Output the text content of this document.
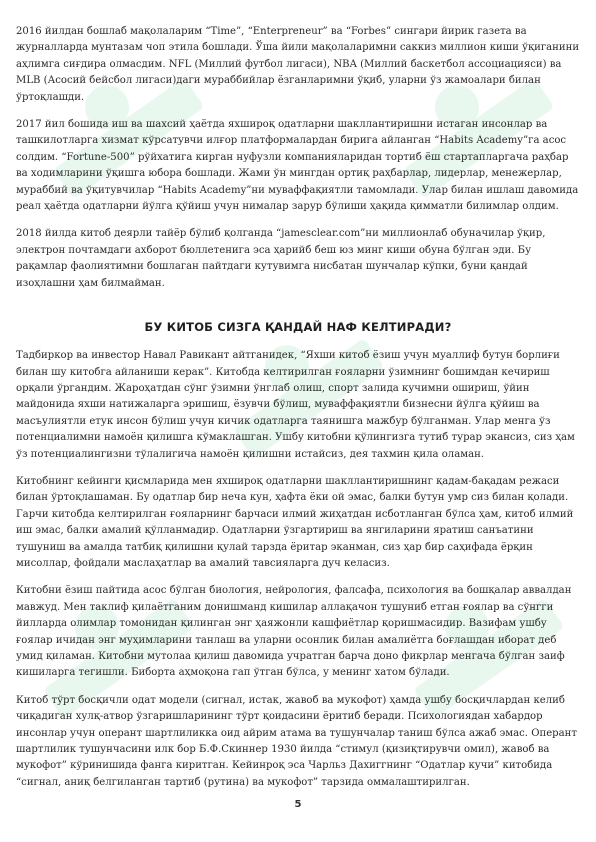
2016 йилдан бошлаб мақолаларим “Time”, “Enterpreneur” ва “Forbes” сингари йирик газета ва журналларда мунтазам чоп этила бошлади. Ўша йили мақолаларимни саккиз миллион киши ўқиганини аҳлимга сиғдира олмасдим. NFL (Миллий футбол лигаси), NBA (Миллий баскетбол ассоциацияси) ва MLB (Асосий бейсбол лигаси)даги мураббийлар ёзганларимни ўқиб, уларни ўз жамоалари билан ўртоқлашди.

2017 йил бошида иш ва шахсий ҳаётда яхшироқ одатларни шакллантиришни истаган инсонлар ва ташкилотларга хизмат кўрсатувчи илғор платформалардан бирига айланган “Habits Academy”га асос солдим. “Fortune-500” рўйхатига кирган нуфузли компанияларидан тортиб ёш стартапларгача раҳбар ва ходимларини ўқишга юбора бошлади. Жами ўн мингдан ортиқ раҳбарлар, лидерлар, менежерлар, мураббий ва ўқитувчилар “Habits Academy”ни муваффақиятли тамомлади. Улар билан ишлаш давомида реал ҳаётда одатларни йўлга қўйиш учун нималар зарур бўлиши ҳақида қимматли билимлар олдим.

2018 йилда китоб деярли тайёр бўлиб қолганда “jamesclear.com”ни миллионлаб обуначилар ўқир, электрон почтамдаги ахборот бюллетенига эса ҳарийб беш юз минг киши обуна бўлган эди. Бу рақамлар фаолиятимни бошлаган пайтдаги кутувимга нисбатан шунчалар кўпки, буни қандай изоҳлашни ҳам билмайман.

БУ КИТОБ СИЗГА ҚАНДАЙ НАФ КЕЛТИРАДИ?

Тадбиркор ва инвестор Навал Равикант айтганидек, “Яхши китоб ёзиш учун муаллиф бутун борлиғи билан шу китобга айланиши керак”. Китобда келтирилган ғояларни ўзимнинг бошимдан кечириш орқали ўргандим. Жароҳатдан сўнг ўзимни ўнглаб олиш, спорт залида кучимни ошириш, ўйин майдонида яхши натижаларга эришиш, ёзувчи бўлиш, муваффақиятли бизнесни йўлга қўйиш ва масъулиятли етук инсон бўлиш учун кичик одатларга таянишга мажбур бўлганман. Улар менга ўз потенциалимни намоён қилишга кўмаклашган. Ушбу китобни қўлингизга тутиб турар экансиз, сиз ҳам ўз потенциалингизни тўлалигича намоён қилишни истайсиз, дея тахмин қила оламан.

Китобнинг кейинги қисмларида мен яхшироқ одатларни шакллантиришнинг қадам-бақадам режаси билан ўртоқлашаман. Бу одатлар бир неча кун, ҳафта ёки ой эмас, балки бутун умр сиз билан қолади. Гарчи китобда келтирилган ғояларнинг барчаси илмий жиҳатдан исботланган бўлса ҳам, китоб илмий иш эмас, балки амалий қўлланмадир. Одатларни ўзгартириш ва янгиларини яратиш санъатини тушуниш ва амалда татбиқ қилишни қулай тарзда ёритар эканман, сиз ҳар бир саҳифада ёрқин мисоллар, фойдали маслаҳатлар ва амалий тавсияларга дуч келасиз.

Китобни ёзиш пайтида асос бўлган биология, нейрология, фалсафа, психология ва бошқалар аввалдан мавжуд. Мен таклиф қилаётганим донишманд кишилар аллақачон тушуниб етган ғоялар ва сўнгги йилларда олимлар томонидан қилинган энг ҳаяжонли кашфиётлар қоришмасидир. Вазифам ушбу ғоялар ичидан энг муҳимларини танлаш ва уларни осонлик билан амалиётга боғлашдан иборат деб умид қиламан. Китобни мутолаа қилиш давомида учратган барча доно фикрлар менгача бўлган заиф кишиларга тегишли. Биборта аҳмоқона гап ўтган бўлса, у менинг хатом бўлади.

Китоб тўрт босқичли одат модели (сигнал, истак, жавоб ва мукофот) ҳамда ушбу босқичлардан келиб чиқадиган хулқ-атвор ўзгаришларининг тўрт қоидасини ёритиб беради. Психологиядан хабардор инсонлар учун оперант шартлиликка оид айрим атама ва тушунчалар таниш бўлса ажаб эмас. Оперант шартлилик тушунчасини илк бор Б.Ф.Скиннер 1930 йилда “стимул (қизиқтирувчи омил), жавоб ва мукофот” кўринишида фанга киритган. Кейинроқ эса Чарльз Дахиггнинг “Одатлар кучи” китобида “сигнал, аниқ белгиланган тартиб (рутина) ва мукофот” тарзида оммалаштирилган.

5
